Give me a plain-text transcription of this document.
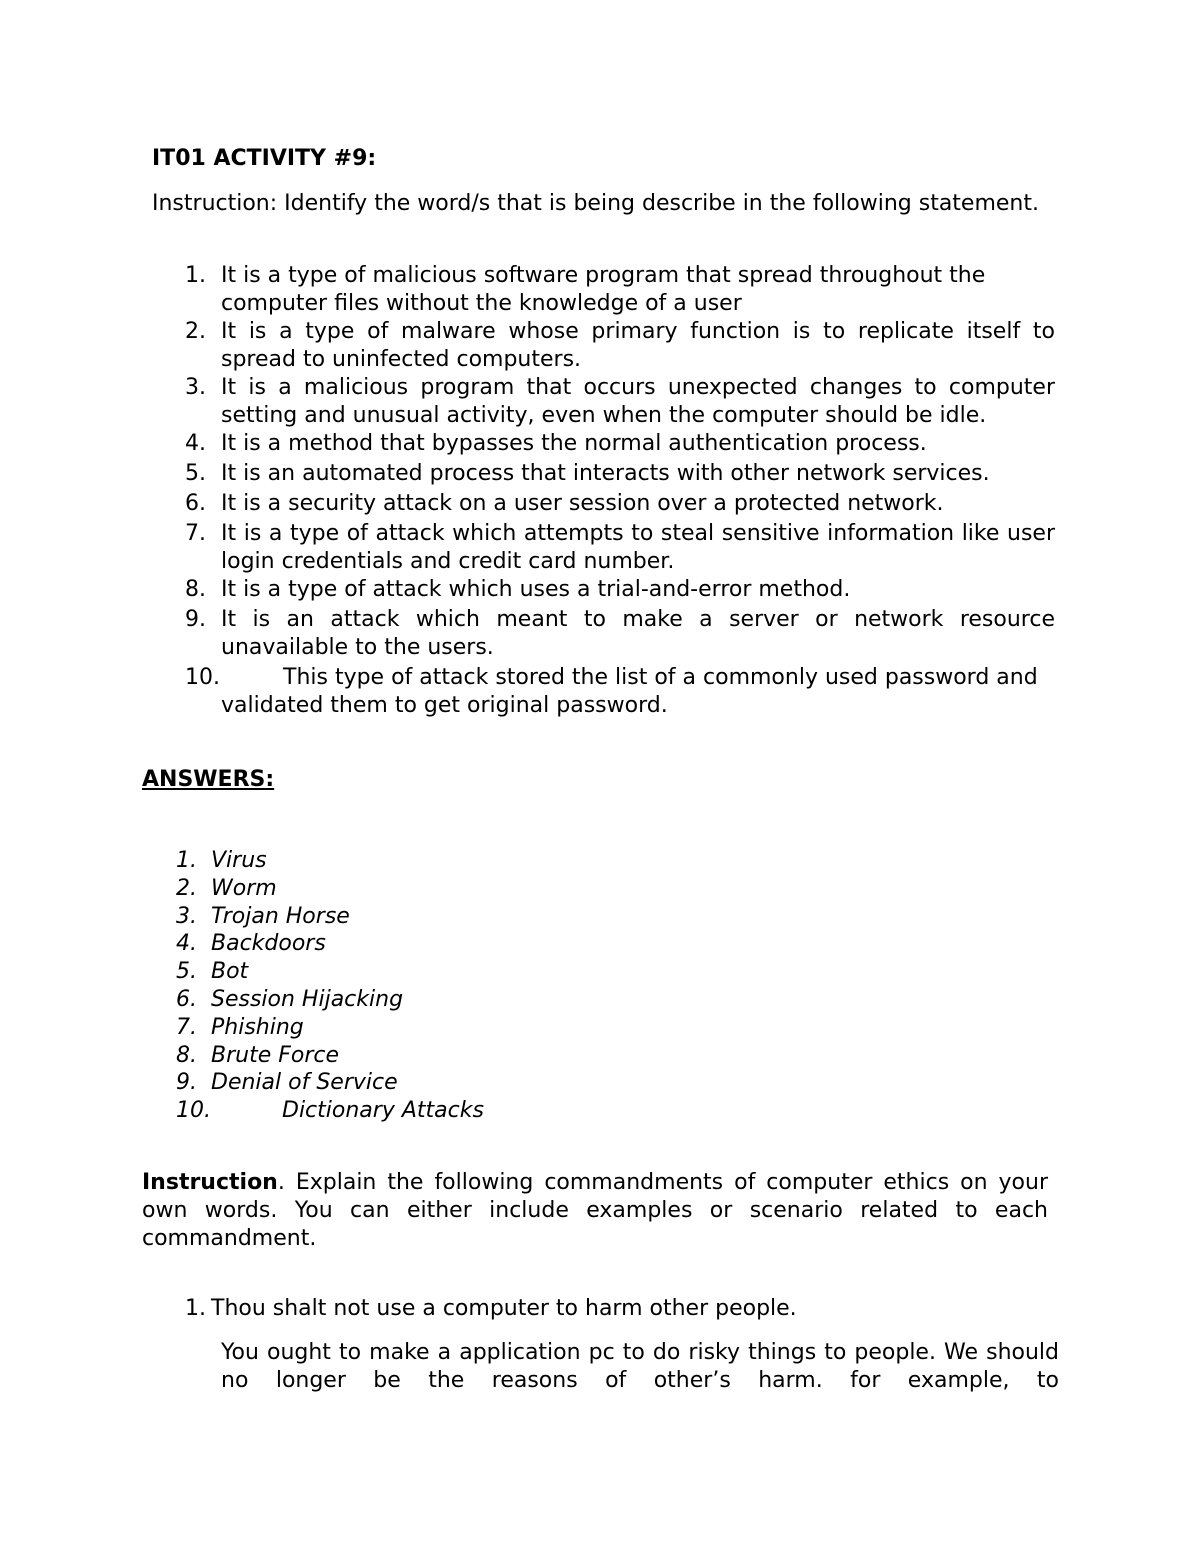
IT01 ACTIVITY #9:
Instruction: Identify the word/s that is being describe in the following statement.
1. It is a type of malicious software program that spread throughout the computer files without the knowledge of a user
2. It is a type of malware whose primary function is to replicate itself to spread to uninfected computers.
3. It is a malicious program that occurs unexpected changes to computer setting and unusual activity, even when the computer should be idle.
4. It is a method that bypasses the normal authentication process.
5. It is an automated process that interacts with other network services.
6. It is a security attack on a user session over a protected network.
7. It is a type of attack which attempts to steal sensitive information like user login credentials and credit card number.
8. It is a type of attack which uses a trial-and-error method.
9. It is an attack which meant to make a server or network resource unavailable to the users.
10.	This type of attack stored the list of a commonly used password and validated them to get original password.
ANSWERS:
1. Virus
2. Worm
3. Trojan Horse
4. Backdoors
5. Bot
6. Session Hijacking
7. Phishing
8. Brute Force
9. Denial of Service
10.	Dictionary Attacks
Instruction. Explain the following commandments of computer ethics on your own words. You can either include examples or scenario related to each commandment.
1. Thou shalt not use a computer to harm other people.
You ought to make a application pc to do risky things to people. We should no longer be the reasons of other’s harm. for example, to
